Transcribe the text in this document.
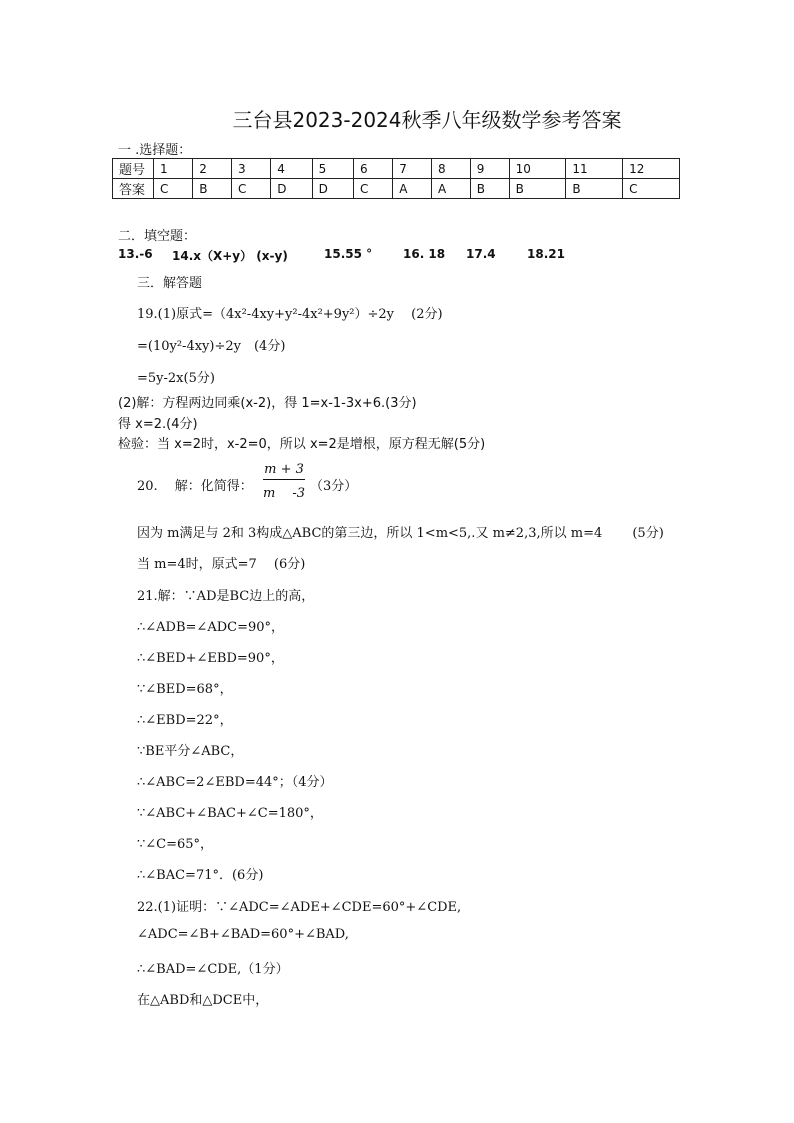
三台县2023-2024秋季八年级数学参考答案
一 .选择题：
题号	1	2	3	4	5	6	7	8	9	10	11	12
答案	C	B	C	D	D	C	A	A	B	B	B	C
二．填空题：
13.-6 14.x（X+y） (x-y)	15.55 °	16. 18 17.4	18.21
三．解答题
19.(1)原式=（4x²-4xy+y²-4x²+9y²）÷2y　 (2分)
=(10y²-4xy)÷2y　(4分)
=5y-2x(5分)
(2)解：方程两边同乘(x-2)，得 1=x-1-3x+6.(3分)
得 x=2.(4分)
检验：当 x=2时，x-2=0，所以 x=2是增根，原方程无解(5分)
20.　 解：化简得：
m + 3
m 　-3 （3分）
因为 m满足与 2和 3构成△ABC的第三边，所以 1<m<5,.又 m≠2,3,所以 m=4　　 (5分)
当 m=4时，原式=7　 (6分)
21.解：∵AD是BC边上的高，
∴∠ADB=∠ADC=90°，
∴∠BED+∠EBD=90°，
∵∠BED=68°，
∴∠EBD=22°，
∵BE平分∠ABC，
∴∠ABC=2∠EBD=44°；（4分）
∵∠ABC+∠BAC+∠C=180°，
∵∠C=65°，
∴∠BAC=71°．(6分)
22.(1)证明：∵∠ADC=∠ADE+∠CDE=60°+∠CDE,
∠ADC=∠B+∠BAD=60°+∠BAD,
∴∠BAD=∠CDE,（1分）
在△ABD和△DCE中，
